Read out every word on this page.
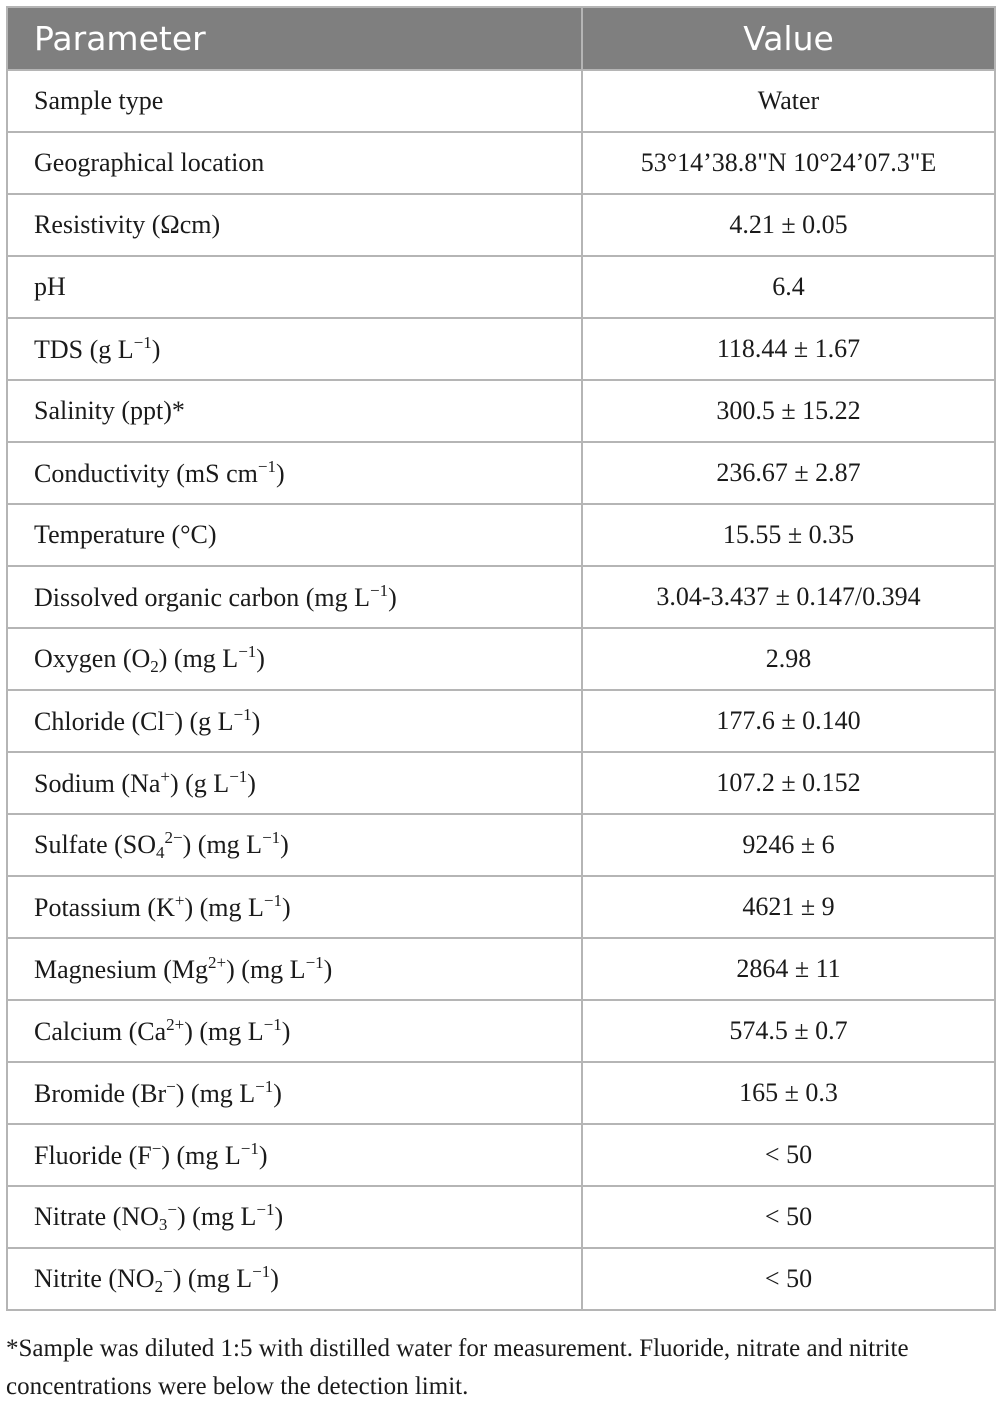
Parameter	Value
Sample type	Water
Geographical location	53°14’38.8"N 10°24’07.3"E
Resistivity (Ωcm)	4.21 ± 0.05
pH	6.4
TDS (g $L^{-1}$)	118.44 ± 1.67
Salinity (ppt)*	300.5 ± 15.22
Conductivity (mS $cm^{-1}$)	236.67 ± 2.87
Temperature (°C)	15.55 ± 0.35
Dissolved organic carbon (mg $L^{-1}$)	3.04-3.437 ± 0.147/0.394
Oxygen $(O_2)$ (mg $L^{-1}$)	2.98
Chloride (Cl−) (g $L^{-1}$)	177.6 ± 0.140
Sodium (Na+) (g $L^{-1}$)	107.2 ± 0.152
Sulfate $(SO_4^{2-})$ (mg $L^{-1}$)	9246 ± 6
Potassium (K+) (mg $L^{-1}$)	4621 ± 9
Magnesium $(Mg^{2+})$ (mg $L^{-1}$)	2864 ± 11
Calcium $(Ca^{2+})$ (mg $L^{-1}$)	574.5 ± 0.7
Bromide (Br−) (mg $L^{-1}$)	165 ± 0.3
Fluoride (F−) (mg $L^{-1}$)	< 50
Nitrate $(NO_3^-)$ (mg $L^{-1}$)	< 50
Nitrite $(NO_2^-)$ (mg $L^{-1}$)	< 50

*Sample was diluted 1:5 with distilled water for measurement. Fluoride, nitrate and nitrite concentrations were below the detection limit.
